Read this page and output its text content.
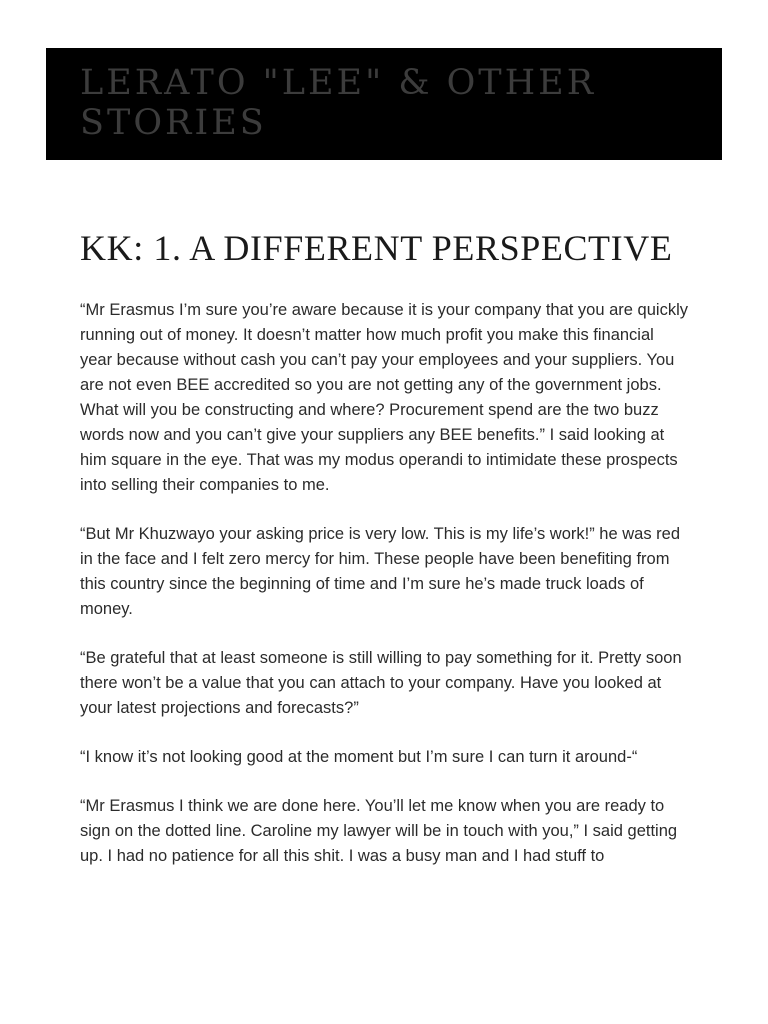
LERATO "LEE" & OTHER STORIES
KK: 1. A DIFFERENT PERSPECTIVE

“Mr Erasmus I’m sure you’re aware because it is your company that you are quickly running out of money. It doesn’t matter how much profit you make this financial year because without cash you can’t pay your employees and your suppliers. You are not even BEE accredited so you are not getting any of the government jobs. What will you be constructing and where? Procurement spend are the two buzz words now and you can’t give your suppliers any BEE benefits.” I said looking at him square in the eye. That was my modus operandi to intimidate these prospects into selling their companies to me.

“But Mr Khuzwayo your asking price is very low. This is my life’s work!” he was red in the face and I felt zero mercy for him. These people have been benefiting from this country since the beginning of time and I’m sure he’s made truck loads of money.

“Be grateful that at least someone is still willing to pay something for it. Pretty soon there won’t be a value that you can attach to your company. Have you looked at your latest projections and forecasts?”

“I know it’s not looking good at the moment but I’m sure I can turn it around-“

“Mr Erasmus I think we are done here. You’ll let me know when you are ready to sign on the dotted line. Caroline my lawyer will be in touch with you,” I said getting up. I had no patience for all this shit. I was a busy man and I had stuff to
